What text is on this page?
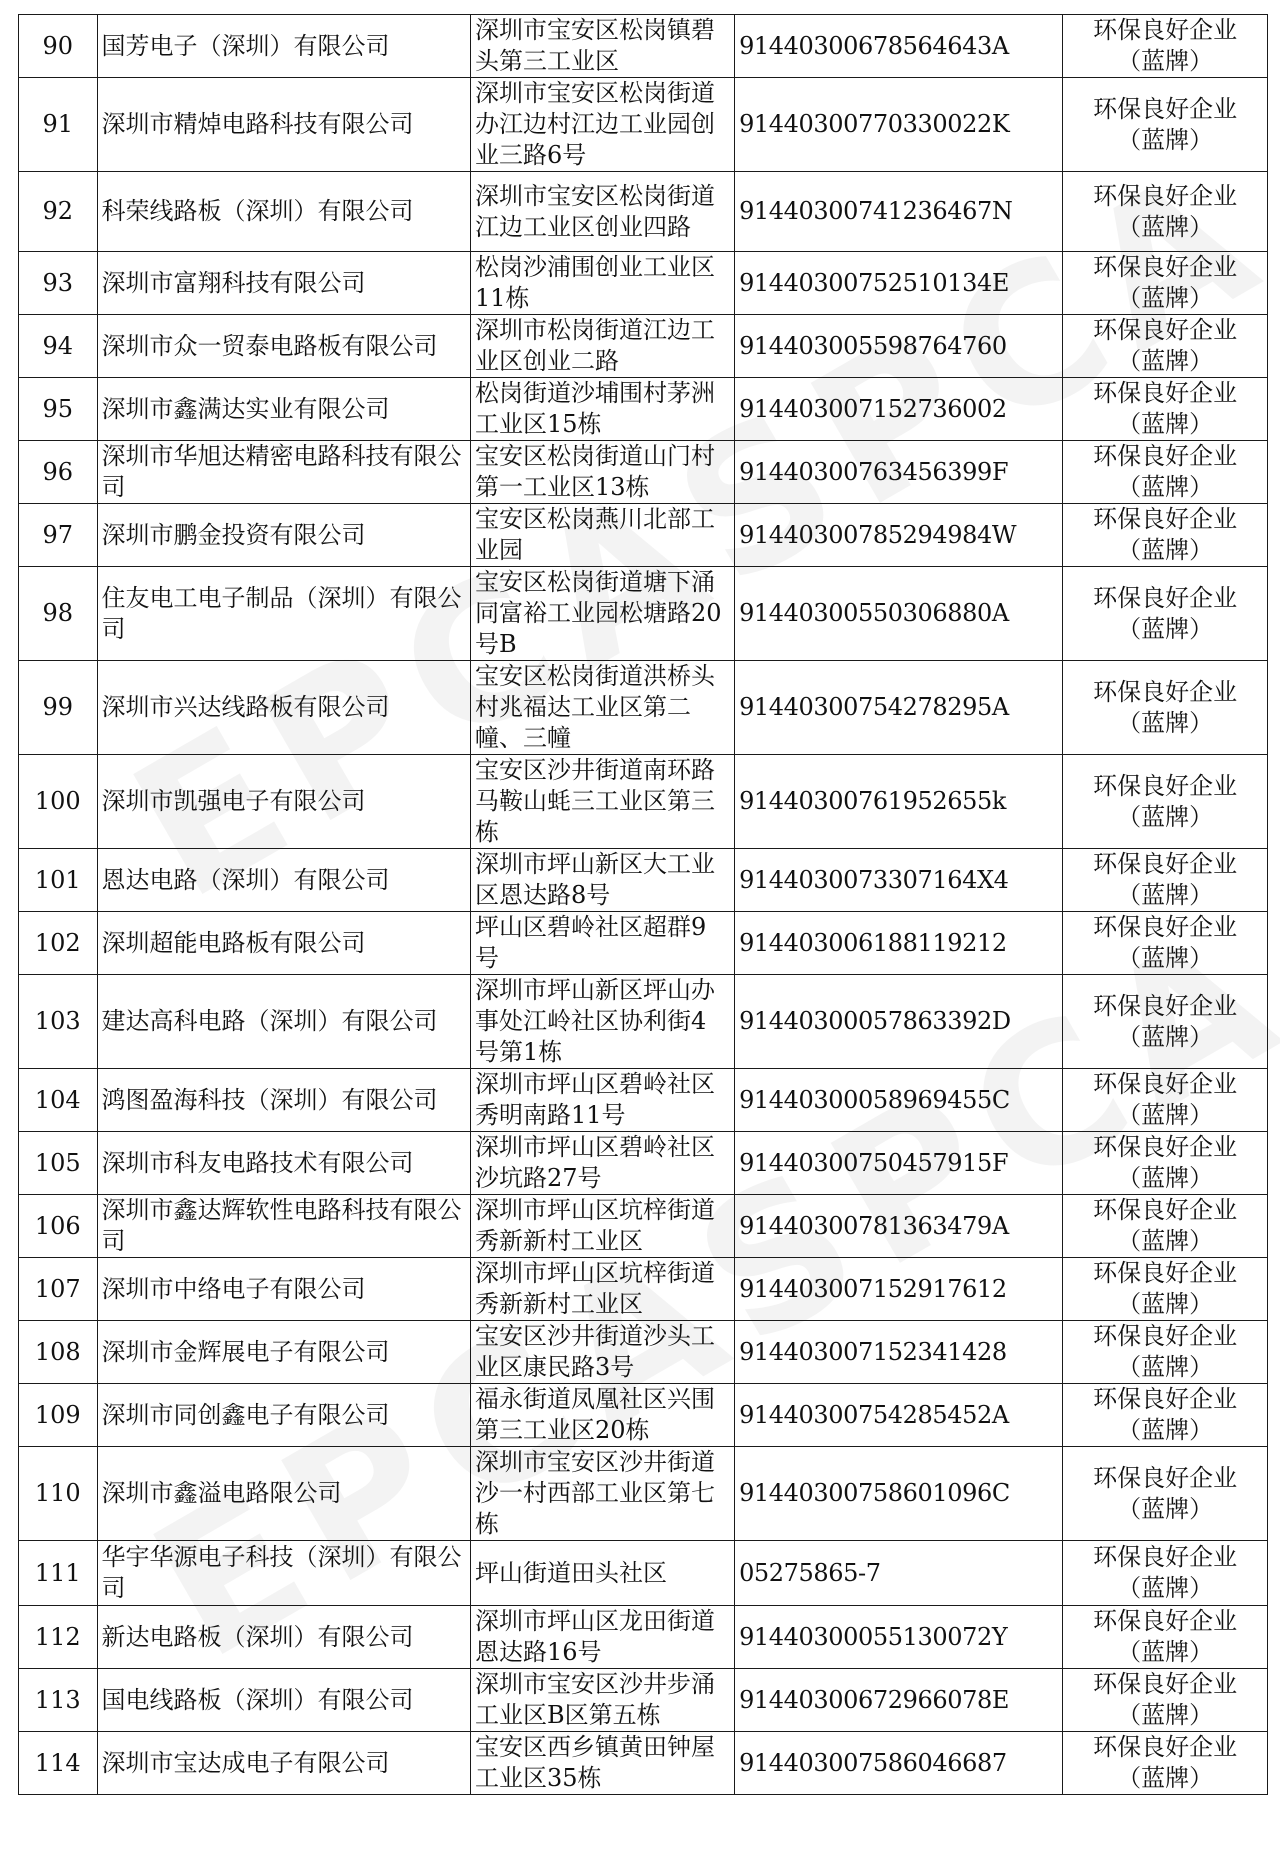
90	国芳电子（深圳）有限公司	深圳市宝安区松岗镇碧头第三工业区	91440300678564643A	环保良好企业
（蓝牌）

91	深圳市精焯电路科技有限公司	深圳市宝安区松岗街道办江边村江边工业园创业三路6号	91440300770330022K	环保良好企业
（蓝牌）

92	科荣线路板（深圳）有限公司	深圳市宝安区松岗街道江边工业区创业四路	91440300741236467N	环保良好企业
（蓝牌）

93	深圳市富翔科技有限公司	松岗沙浦围创业工业区11栋	91440300752510134E	环保良好企业
（蓝牌）

94	深圳市众一贸泰电路板有限公司	深圳市松岗街道江边工业区创业二路	914403005598764760	环保良好企业
（蓝牌）

95	深圳市鑫满达实业有限公司	松岗街道沙埔围村茅洲工业区15栋	914403007152736002	环保良好企业
（蓝牌）

96	深圳市华旭达精密电路科技有限公司	宝安区松岗街道山门村第一工业区13栋	91440300763456399F	环保良好企业
（蓝牌）

97	深圳市鹏金投资有限公司	宝安区松岗燕川北部工业园	91440300785294984W	环保良好企业
（蓝牌）

98	住友电工电子制品（深圳）有限公司	宝安区松岗街道塘下涌同富裕工业园松塘路20号B	91440300550306880A	环保良好企业
（蓝牌）

99	深圳市兴达线路板有限公司	宝安区松岗街道洪桥头村兆福达工业区第二幢、三幢	91440300754278295A	环保良好企业
（蓝牌）

100	深圳市凯强电子有限公司	宝安区沙井街道南环路马鞍山蚝三工业区第三栋	91440300761952655k	环保良好企业
（蓝牌）

101	恩达电路（深圳）有限公司	深圳市坪山新区大工业区恩达路8号	9144030073307164X4	环保良好企业
（蓝牌）

102	深圳超能电路板有限公司	坪山区碧岭社区超群9号	914403006188119212	环保良好企业
（蓝牌）

103	建达高科电路（深圳）有限公司	深圳市坪山新区坪山办事处江岭社区协利街4号第1栋	91440300057863392D	环保良好企业
（蓝牌）

104	鸿图盈海科技（深圳）有限公司	深圳市坪山区碧岭社区秀明南路11号	91440300058969455C	环保良好企业
（蓝牌）

105	深圳市科友电路技术有限公司	深圳市坪山区碧岭社区沙坑路27号	91440300750457915F	环保良好企业
（蓝牌）

106	深圳市鑫达辉软性电路科技有限公司	深圳市坪山区坑梓街道秀新新村工业区	91440300781363479A	环保良好企业
（蓝牌）

107	深圳市中络电子有限公司	深圳市坪山区坑梓街道秀新新村工业区	914403007152917612	环保良好企业
（蓝牌）

108	深圳市金辉展电子有限公司	宝安区沙井街道沙头工业区康民路3号	914403007152341428	环保良好企业
（蓝牌）

109	深圳市同创鑫电子有限公司	福永街道凤凰社区兴围第三工业区20栋	91440300754285452A	环保良好企业
（蓝牌）

110	深圳市鑫溢电路限公司	深圳市宝安区沙井街道沙一村西部工业区第七栋	91440300758601096C	环保良好企业
（蓝牌）

111	华宇华源电子科技（深圳）有限公司	坪山街道田头社区	05275865-7	环保良好企业
（蓝牌）

112	新达电路板（深圳）有限公司	深圳市坪山区龙田街道恩达路16号	91440300055130072Y	环保良好企业
（蓝牌）

113	国电线路板（深圳）有限公司	深圳市宝安区沙井步涌工业区B区第五栋	91440300672966078E	环保良好企业
（蓝牌）

114	深圳市宝达成电子有限公司	宝安区西乡镇黄田钟屋工业区35栋	914403007586046687	环保良好企业
（蓝牌）
